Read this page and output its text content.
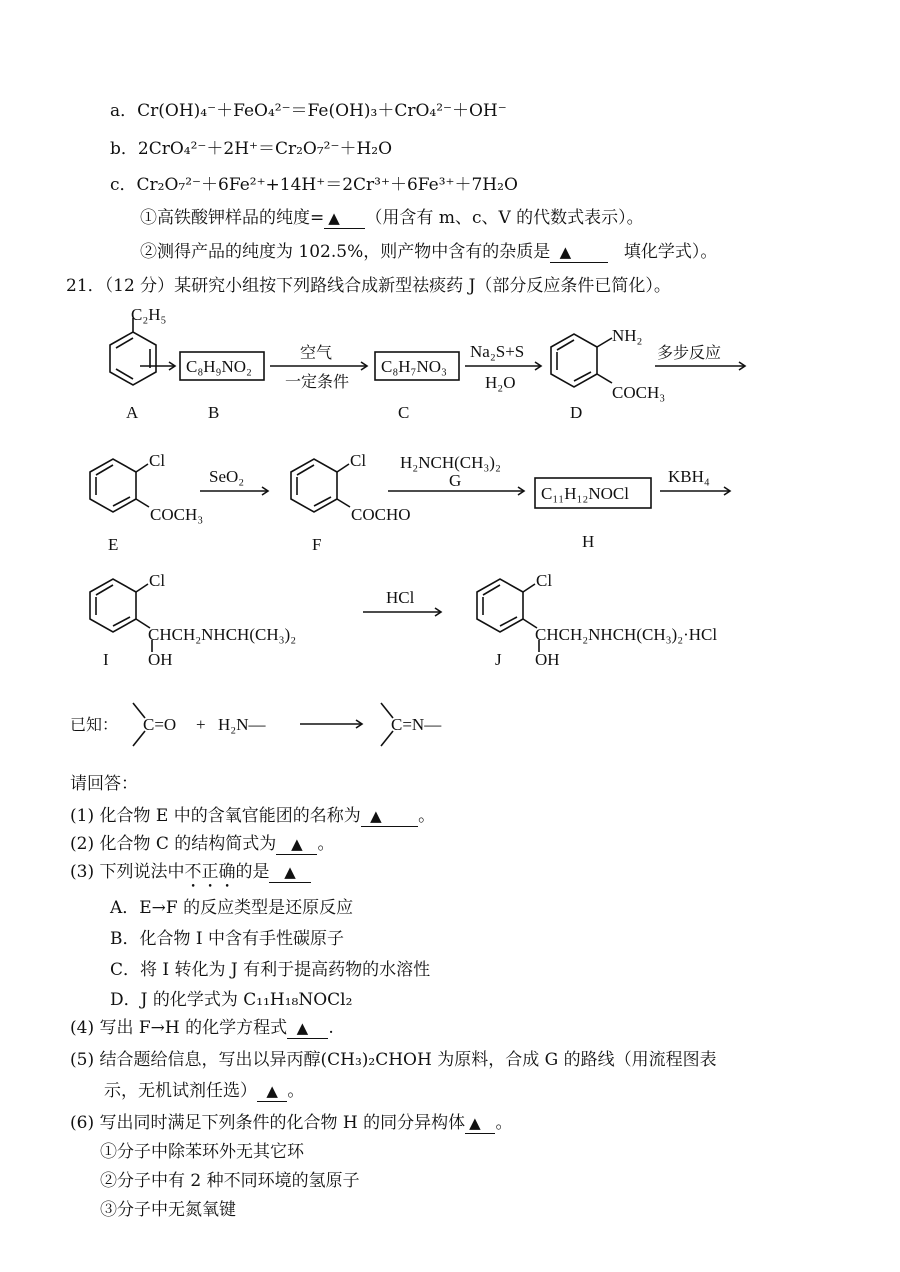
a．Cr(OH)₄⁻＋FeO₄²⁻＝Fe(OH)₃＋CrO₄²⁻＋OH⁻
b．2CrO₄²⁻＋2H⁺＝Cr₂O₇²⁻＋H₂O
c．Cr₂O₇²⁻＋6Fe²⁺+14H⁺＝2Cr³⁺＋6Fe³⁺＋7H₂O
①高铁酸钾样品的纯度= ▲ （用含有 m、c、V 的代数式表示）。
②测得产品的纯度为 102.5%，则产物中含有的杂质是 ▲	填化学式）。
21．（12 分）某研究小组按下列路线合成新型祛痰药 J（部分反应条件已简化）。
C₂H₅
A
C₈H₉NO₂
B
空气
一定条件
C₈H₇NO₃
C
Na₂S+S
H₂O
NH₂
COCH₃
D
多步反应
Cl
COCH₃
E
SeO₂
Cl
COCHO
F
H₂NCH(CH₃)₂
G
C₁₁H₁₂NOCl
H
KBH₄
Cl
CHCH₂NHCH(CH₃)₂
OH
I
HCl
Cl
CHCH₂NHCH(CH₃)₂·HCl
OH
J
已知： C=O + H₂N—	C=N—
请回答：
(1) 化合物 E 中的含氧官能团的名称为 ▲ 。
(2) 化合物 C 的结构简式为 ▲ 。
(3) 下列说法中不正确的是 ▲
A．E→F 的反应类型是还原反应
B．化合物 I 中含有手性碳原子
C．将 I 转化为 J 有利于提高药物的水溶性
D．J 的化学式为 C₁₁H₁₈NOCl₂
(4) 写出 F→H 的化学方程式 ▲ .
(5) 结合题给信息，写出以异丙醇(CH₃)₂CHOH 为原料，合成 G 的路线（用流程图表
示，无机试剂任选） ▲ 。
(6) 写出同时满足下列条件的化合物 H 的同分异构体 ▲ 。
①分子中除苯环外无其它环
②分子中有 2 种不同环境的氢原子
③分子中无氮氧键
